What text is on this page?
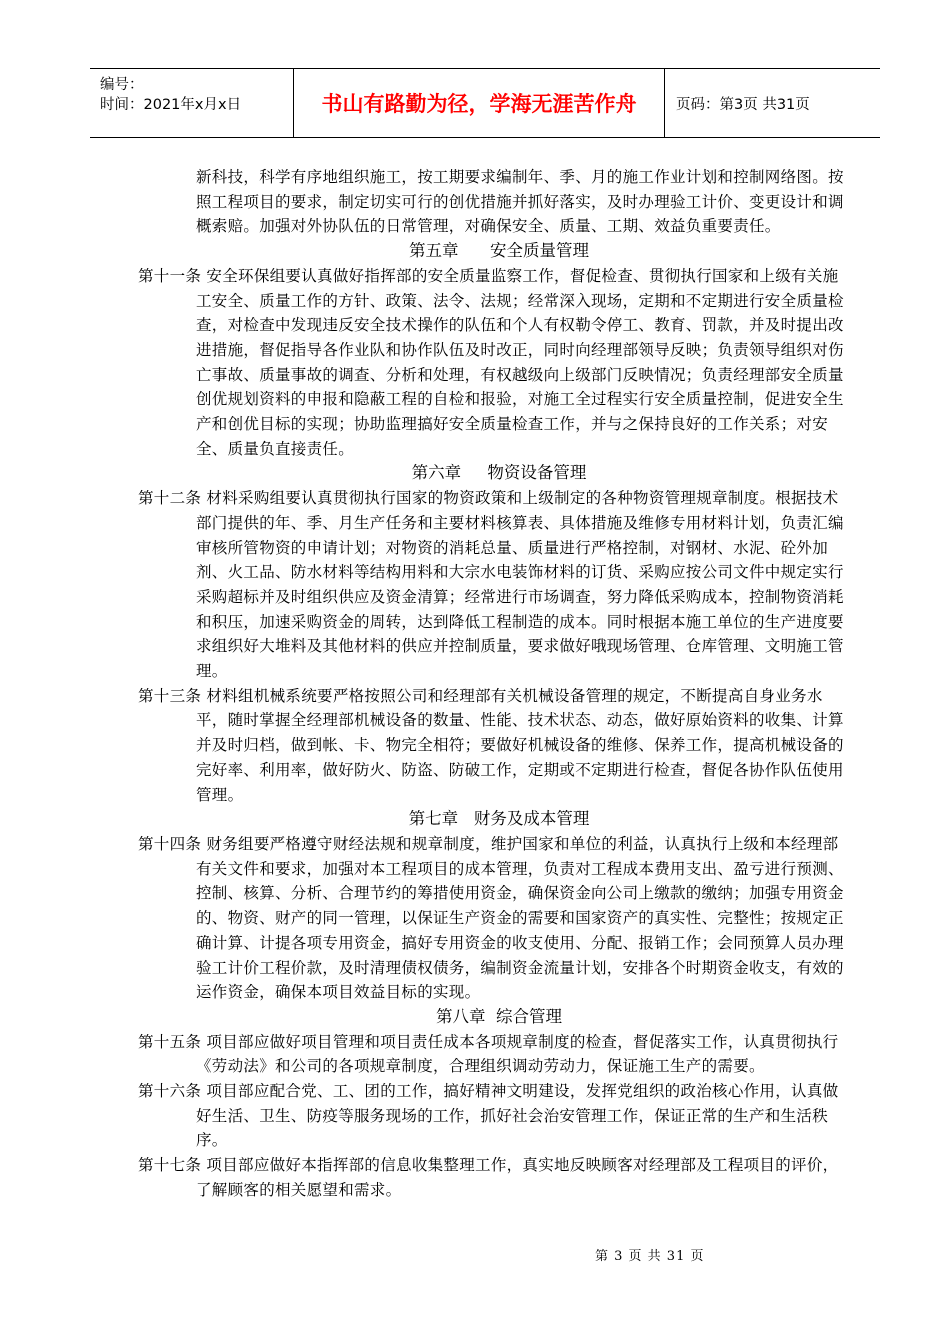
编号：
时间：2021年x月x日	书山有路勤为径，学海无涯苦作舟	页码：第3页 共31页

新科技，科学有序地组织施工，按工期要求编制年、季、月的施工作业计划和控制网络图。按照工程项目的要求，制定切实可行的创优措施并抓好落实，及时办理验工计价、变更设计和调概索赔。加强对外协队伍的日常管理，对确保安全、质量、工期、效益负重要责任。

第五章      安全质量管理

第十一条 安全环保组要认真做好指挥部的安全质量监察工作，督促检查、贯彻执行国家和上级有关施工安全、质量工作的方针、政策、法令、法规；经常深入现场，定期和不定期进行安全质量检查，对检查中发现违反安全技术操作的队伍和个人有权勒令停工、教育、罚款，并及时提出改进措施，督促指导各作业队和协作队伍及时改正，同时向经理部领导反映；负责领导组织对伤亡事故、质量事故的调查、分析和处理，有权越级向上级部门反映情况；负责经理部安全质量创优规划资料的申报和隐蔽工程的自检和报验，对施工全过程实行安全质量控制，促进安全生产和创优目标的实现；协助监理搞好安全质量检查工作，并与之保持良好的工作关系；对安全、质量负直接责任。

第六章     物资设备管理

第十二条 材料采购组要认真贯彻执行国家的物资政策和上级制定的各种物资管理规章制度。根据技术部门提供的年、季、月生产任务和主要材料核算表、具体措施及维修专用材料计划，负责汇编审核所管物资的申请计划；对物资的消耗总量、质量进行严格控制，对钢材、水泥、砼外加剂、火工品、防水材料等结构用料和大宗水电装饰材料的订货、采购应按公司文件中规定实行采购超标并及时组织供应及资金清算；经常进行市场调查，努力降低采购成本，控制物资消耗和积压，加速采购资金的周转，达到降低工程制造的成本。同时根据本施工单位的生产进度要求组织好大堆料及其他材料的供应并控制质量，要求做好哦现场管理、仓库管理、文明施工管理。

第十三条 材料组机械系统要严格按照公司和经理部有关机械设备管理的规定，不断提高自身业务水平，随时掌握全经理部机械设备的数量、性能、技术状态、动态，做好原始资料的收集、计算并及时归档，做到帐、卡、物完全相符；要做好机械设备的维修、保养工作，提高机械设备的完好率、利用率，做好防火、防盗、防破工作，定期或不定期进行检查，督促各协作队伍使用管理。

第七章   财务及成本管理

第十四条 财务组要严格遵守财经法规和规章制度，维护国家和单位的利益，认真执行上级和本经理部有关文件和要求，加强对本工程项目的成本管理，负责对工程成本费用支出、盈亏进行预测、控制、核算、分析、合理节约的筹措使用资金，确保资金向公司上缴款的缴纳；加强专用资金的、物资、财产的同一管理，以保证生产资金的需要和国家资产的真实性、完整性；按规定正确计算、计提各项专用资金，搞好专用资金的收支使用、分配、报销工作；会同预算人员办理验工计价工程价款，及时清理债权债务，编制资金流量计划，安排各个时期资金收支，有效的运作资金，确保本项目效益目标的实现。

第八章  综合管理

第十五条 项目部应做好项目管理和项目责任成本各项规章制度的检查，督促落实工作，认真贯彻执行《劳动法》和公司的各项规章制度，合理组织调动劳动力，保证施工生产的需要。

第十六条 项目部应配合党、工、团的工作，搞好精神文明建设，发挥党组织的政治核心作用，认真做好生活、卫生、防疫等服务现场的工作，抓好社会治安管理工作，保证正常的生产和生活秩序。

第十七条 项目部应做好本指挥部的信息收集整理工作，真实地反映顾客对经理部及工程项目的评价，了解顾客的相关愿望和需求。

第 3 页 共 31 页
